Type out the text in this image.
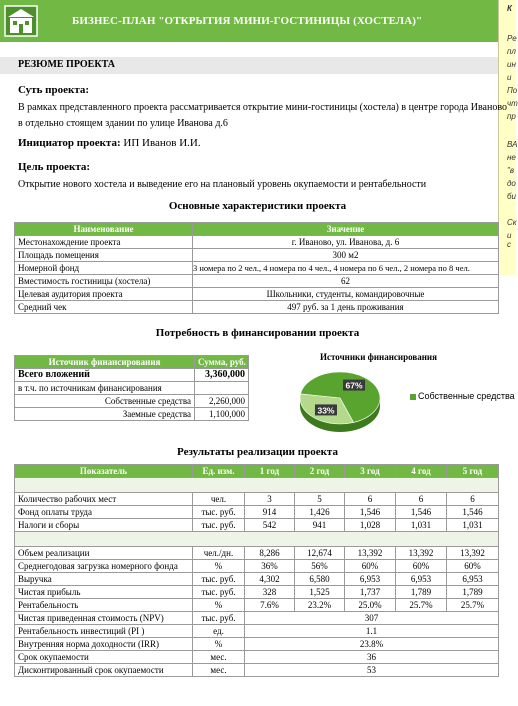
БИЗНЕС-ПЛАН "ОТКРЫТИЯ МИНИ-ГОСТИНИЦЫ (ХОСТЕЛА)"
К
Ре
пл
ин
и
По
чт
пр
ВА
не
"в
до
би
Ск
и с
РЕЗЮМЕ ПРОЕКТА
Суть проекта:
В рамках представленного проекта рассматривается открытие мини-гостиницы (хостела) в центре города Иваново
в отдельно стоящем здании по улице Иванова д.6
Инициатор проекта: ИП Иванов И.И.
Цель проекта:
Открытие нового хостела и выведение его на плановый уровень окупаемости и рентабельности
Основные характеристики проекта
Наименование	Значение
Местонахождение проекта	г. Иваново, ул. Иванова, д. 6
Площадь помещения	300 м2
Номерной фонд	3 номера по 2 чел., 4 номера по 4 чел., 4 номера по 6 чел., 2 номера по 8 чел.
Вместимость гостиницы (хостела)	62
Целевая аудитория проекта	Школьники, студенты, командировочные
Средний чек	497 руб. за 1 день проживания
Потребность в финансировании проекта
Источник финансирования	Сумма, руб.
Всего вложений	3,360,000
в т.ч. по источникам финансирования	
Собственные средства	2,260,000
Заемные средства	1,100,000
Источники финансирования
67%
33%
Собственные средства
Результаты реализации проекта
Показатель	Ед. изм.	1 год	2 год	3 год	4 год	5 год

Количество рабочих мест	чел.	3	5	6	6	6
Фонд оплаты труда	тыс. руб.	914	1,426	1,546	1,546	1,546
Налоги и сборы	тыс. руб.	542	941	1,028	1,031	1,031

Объем реализации	чел./дн.	8,286	12,674	13,392	13,392	13,392
Среднегодовая загрузка номерного фонда	%	36%	56%	60%	60%	60%
Выручка	тыс. руб.	4,302	6,580	6,953	6,953	6,953
Чистая прибыль	тыс. руб.	328	1,525	1,737	1,789	1,789
Рентабельность	%	7.6%	23.2%	25.0%	25.7%	25.7%
Чистая приведенная стоимость (NPV)	тыс. руб.	307				
Рентабельность инвестиций (PI )	ед.	1.1				
Внутренняя норма доходности (IRR)	%	23.8%				
Срок окупаемости	мес.	36				
Дисконтированный срок окупаемости	мес.	53				
